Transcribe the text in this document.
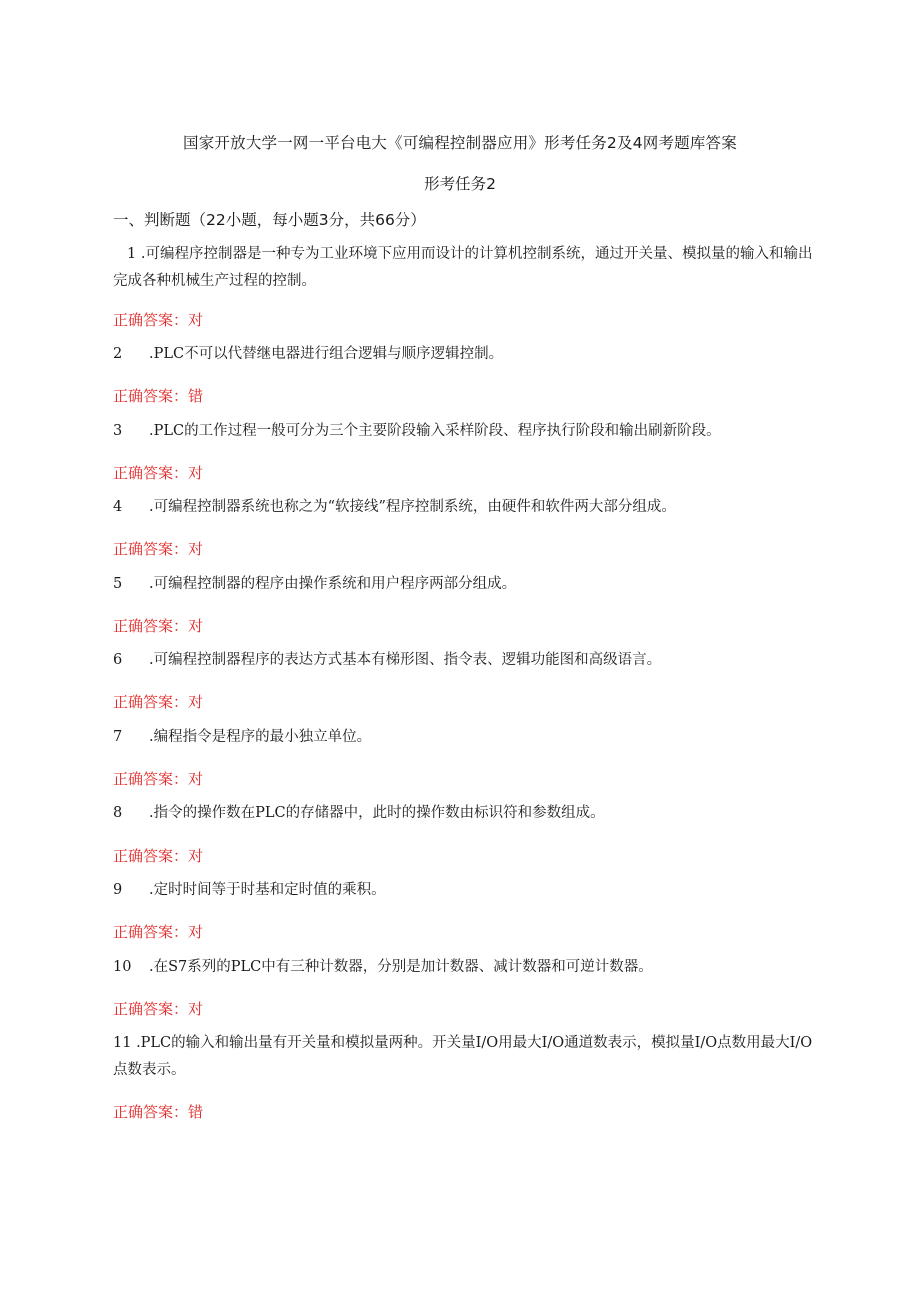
国家开放大学一网一平台电大《可编程控制器应用》形考任务2及4网考题库答案
形考任务2
一、判断题（22小题，每小题3分，共66分）
1 .可编程序控制器是一种专为工业环境下应用而设计的计算机控制系统，通过开关量、模拟量的输入和输出完成各种机械生产过程的控制。
正确答案：对
2 .PLC不可以代替继电器进行组合逻辑与顺序逻辑控制。
正确答案：错
3 .PLC的工作过程一般可分为三个主要阶段输入采样阶段、程序执行阶段和输出刷新阶段。
正确答案：对
4 .可编程控制器系统也称之为“软接线”程序控制系统，由硬件和软件两大部分组成。
正确答案：对
5 .可编程控制器的程序由操作系统和用户程序两部分组成。
正确答案：对
6 .可编程控制器程序的表达方式基本有梯形图、指令表、逻辑功能图和高级语言。
正确答案：对
7 .编程指令是程序的最小独立单位。
正确答案：对
8 .指令的操作数在PLC的存储器中，此时的操作数由标识符和参数组成。
正确答案：对
9 .定时时间等于时基和定时值的乘积。
正确答案：对
10 .在S7系列的PLC中有三种计数器，分别是加计数器、减计数器和可逆计数器。
正确答案：对
11 .PLC的输入和输出量有开关量和模拟量两种。开关量I/O用最大I/O通道数表示，模拟量I/O点数用最大I/O点数表示。
正确答案：错
